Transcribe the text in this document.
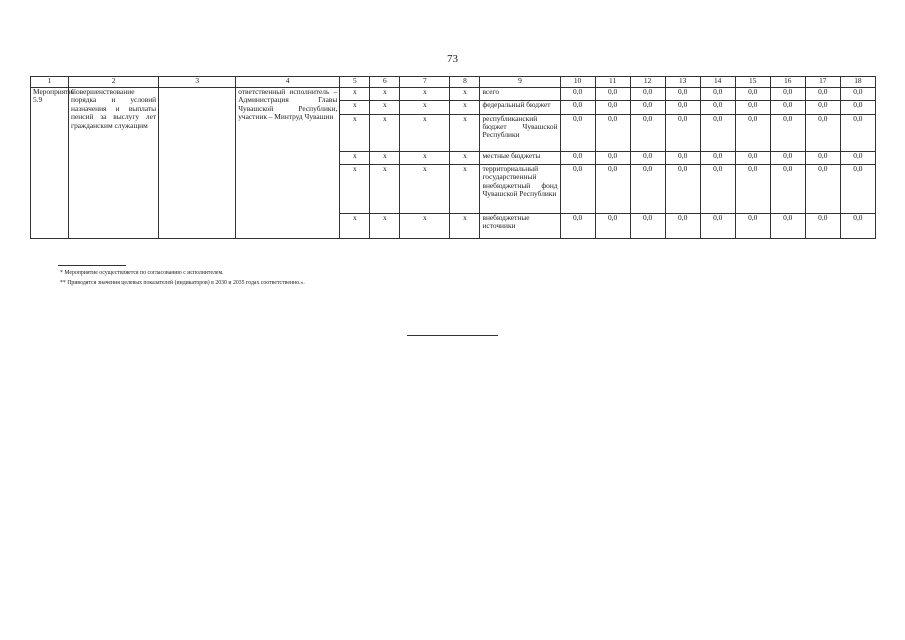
73
1	2	3	4	5	6	7	8	9	10	11	12	13	14	15	16	17	18
Мероприятие 5.9	Совершенствование порядка и условий назначения и выплаты пенсий за выслугу лет гражданским служащим		ответственный исполнитель – Администрация Главы Чувашской Республики, участник – Минтруд Чувашии	x	x	x	x	всего	0,0	0,0	0,0	0,0	0,0	0,0	0,0	0,0	0,0
				x	x	x	x	федеральный бюджет	0,0	0,0	0,0	0,0	0,0	0,0	0,0	0,0	0,0
				x	x	x	x	республиканский бюджет Чувашской Республики	0,0	0,0	0,0	0,0	0,0	0,0	0,0	0,0	0,0
				x	x	x	x	местные бюджеты	0,0	0,0	0,0	0,0	0,0	0,0	0,0	0,0	0,0
				x	x	x	x	территориальный государственный внебюджетный фонд Чувашской Республики	0,0	0,0	0,0	0,0	0,0	0,0	0,0	0,0	0,0
				x	x	x	x	внебюджетные источники	0,0	0,0	0,0	0,0	0,0	0,0	0,0	0,0	0,0

* Мероприятие осуществляется по согласованию с исполнителем.

** Приводятся значения целевых показателей (индикаторов) в 2030 и 2035 годах соответственно.».
